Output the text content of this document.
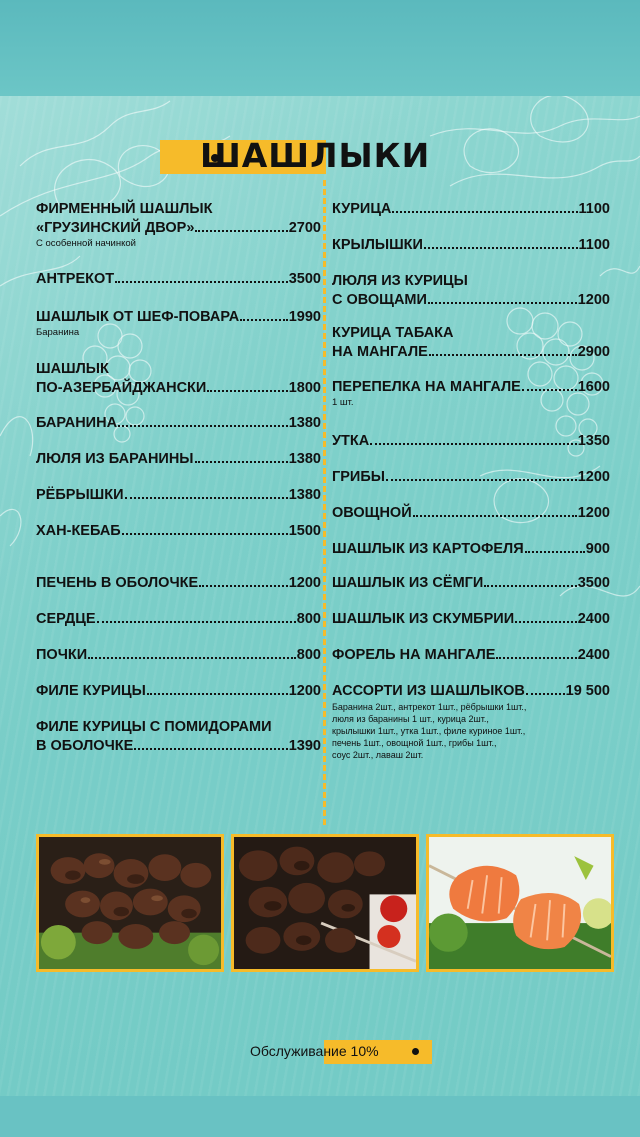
ШАШЛЫКИ
ФИРМЕННЫЙ ШАШЛЫК
«ГРУЗИНСКИЙ ДВОР»	2700
С особенной начинкой
АНТРЕКОТ	3500
ШАШЛЫК ОТ ШЕФ-ПОВАРА	1990
Баранина
ШАШЛЫК
ПО-АЗЕРБАЙДЖАНСКИ	1800
БАРАНИНА	1380
ЛЮЛЯ ИЗ БАРАНИНЫ	1380
РЁБРЫШКИ	1380
ХАН-КЕБАБ	1500
ПЕЧЕНЬ В ОБОЛОЧКЕ	1200
СЕРДЦЕ	800
ПОЧКИ	800
ФИЛЕ КУРИЦЫ	1200
ФИЛЕ КУРИЦЫ С ПОМИДОРАМИ
В ОБОЛОЧКЕ	1390
КУРИЦА	1100
КРЫЛЫШКИ	1100
ЛЮЛЯ ИЗ КУРИЦЫ
С ОВОЩАМИ	1200
КУРИЦА ТАБАКА
НА МАНГАЛЕ	2900
ПЕРЕПЕЛКА НА МАНГАЛЕ	1600
1 шт.
УТКА	1350
ГРИБЫ	1200
ОВОЩНОЙ	1200
ШАШЛЫК ИЗ КАРТОФЕЛЯ	900
ШАШЛЫК ИЗ СЁМГИ	3500
ШАШЛЫК ИЗ СКУМБРИИ	2400
ФОРЕЛЬ НА МАНГАЛЕ	2400
АССОРТИ ИЗ ШАШЛЫКОВ	19 500
Баранина 2шт., антрекот 1шт., рёбрышки 1шт.,
люля из баранины 1 шт., курица 2шт.,
крылышки 1шт., утка 1шт., филе куриное 1шт.,
печень 1шт., овощной 1шт., грибы 1шт.,
соус 2шт., лаваш 2шт.
Обслуживание 10%
